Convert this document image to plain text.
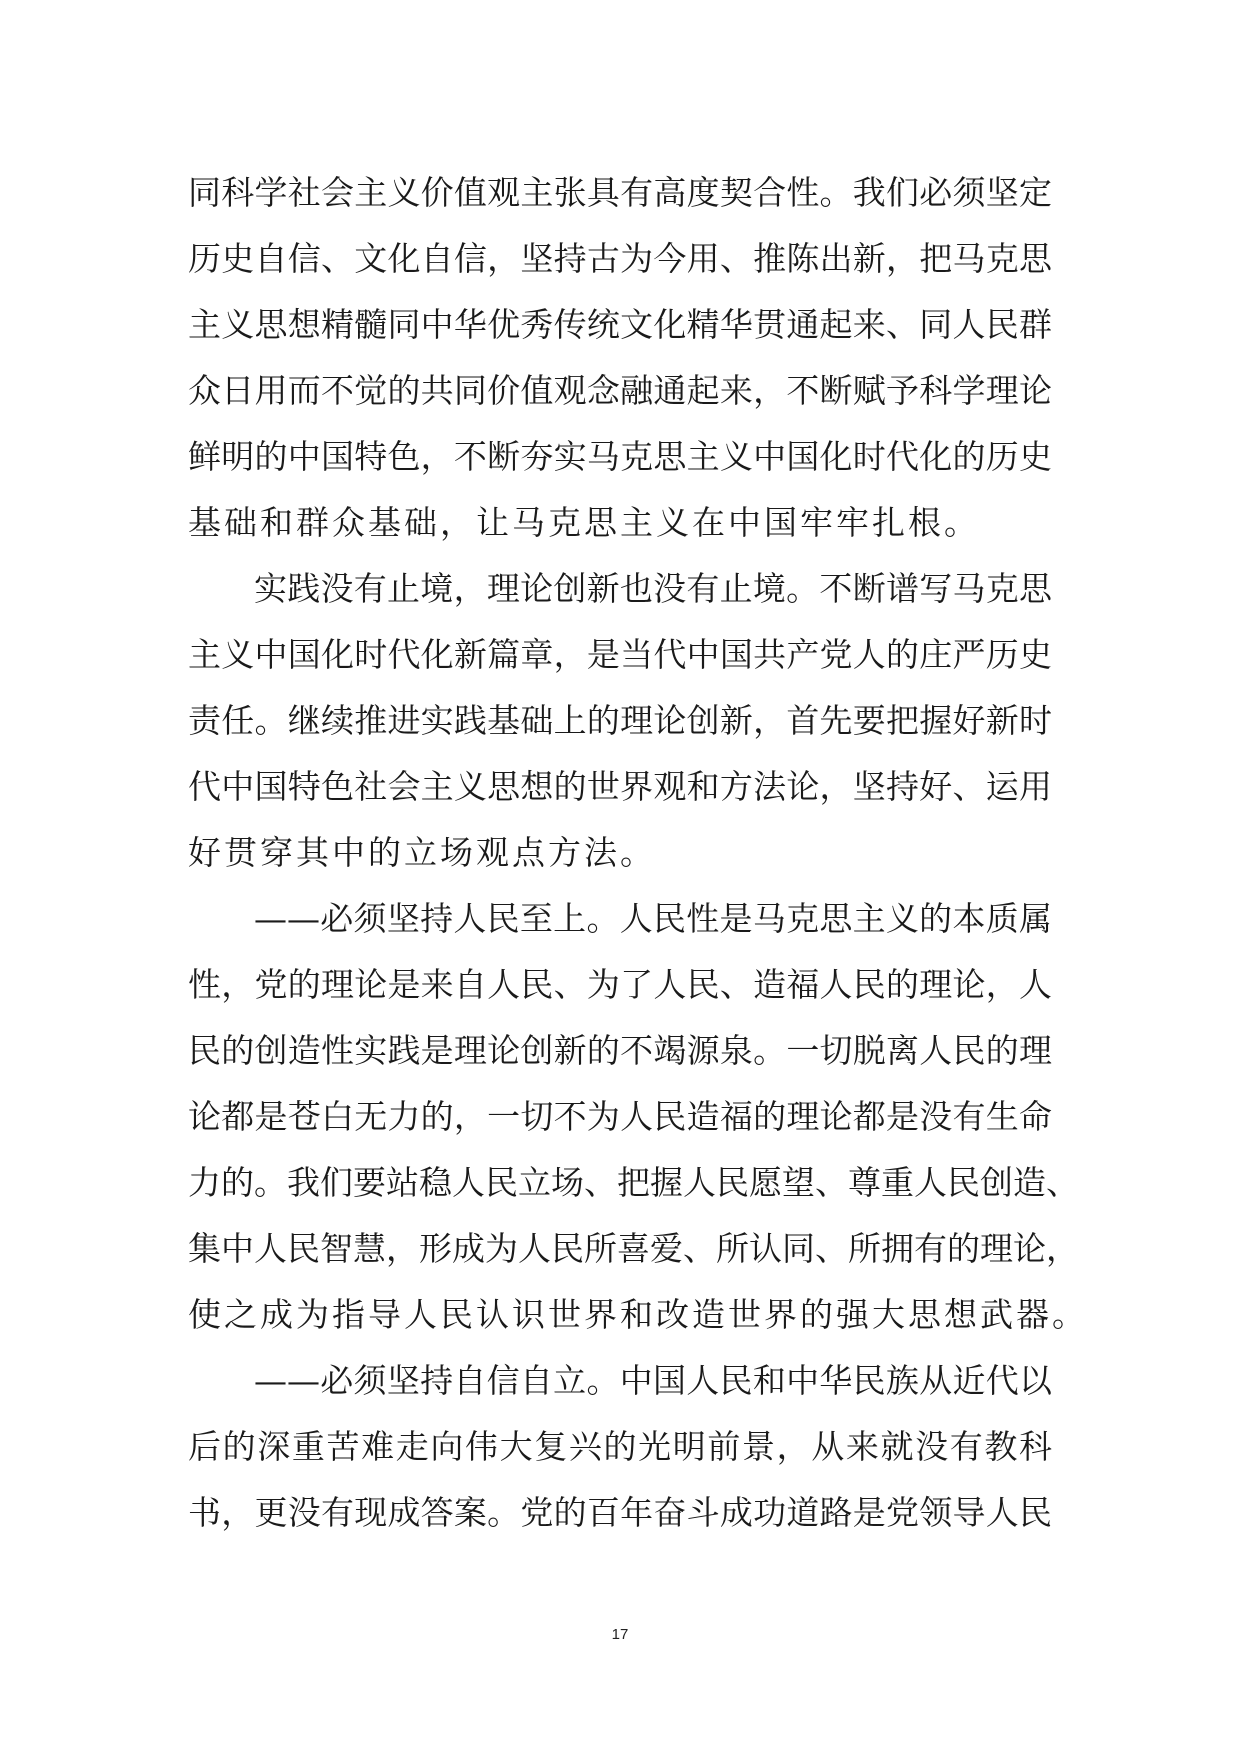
同科学社会主义价值观主张具有高度契合性。我们必须坚定
历史自信、文化自信，坚持古为今用、推陈出新，把马克思
主义思想精髓同中华优秀传统文化精华贯通起来、同人民群
众日用而不觉的共同价值观念融通起来，不断赋予科学理论
鲜明的中国特色，不断夯实马克思主义中国化时代化的历史
基础和群众基础，让马克思主义在中国牢牢扎根。
实践没有止境，理论创新也没有止境。不断谱写马克思
主义中国化时代化新篇章，是当代中国共产党人的庄严历史
责任。继续推进实践基础上的理论创新，首先要把握好新时
代中国特色社会主义思想的世界观和方法论，坚持好、运用
好贯穿其中的立场观点方法。
——必须坚持人民至上。人民性是马克思主义的本质属
性，党的理论是来自人民、为了人民、造福人民的理论，人
民的创造性实践是理论创新的不竭源泉。一切脱离人民的理
论都是苍白无力的，一切不为人民造福的理论都是没有生命
力的。我们要站稳人民立场、把握人民愿望、尊重人民创造、
集中人民智慧，形成为人民所喜爱、所认同、所拥有的理论，
使之成为指导人民认识世界和改造世界的强大思想武器。
——必须坚持自信自立。中国人民和中华民族从近代以
后的深重苦难走向伟大复兴的光明前景，从来就没有教科
书，更没有现成答案。党的百年奋斗成功道路是党领导人民
17
